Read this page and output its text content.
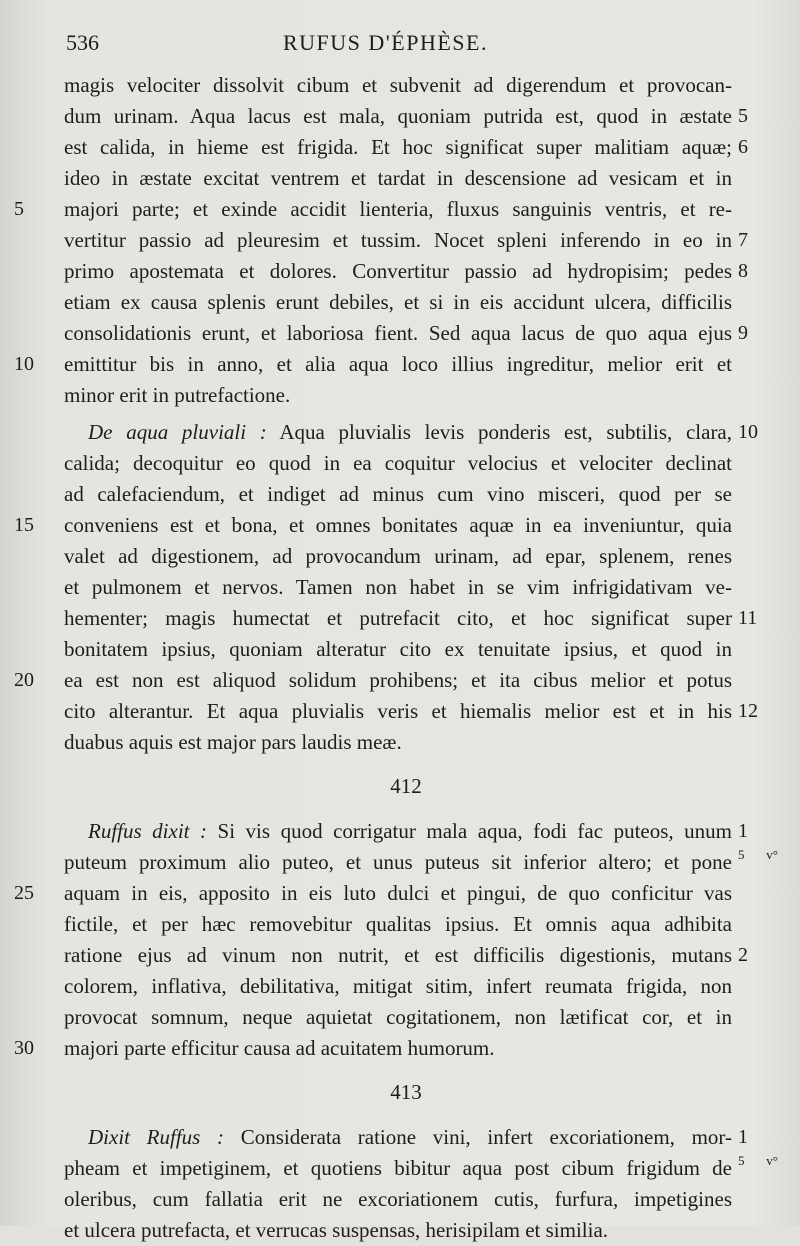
536	RUFUS D'ÉPHÈSE.
magis velociter dissolvit cibum et subvenit ad digerendum et provocan-
dum urinam. Aqua lacus est mala, quoniam putrida est, quod in æstate 5
est calida, in hieme est frigida. Et hoc significat super malitiam aquæ; 6
ideo in æstate excitat ventrem et tardat in descensione ad vesicam et in
majori parte; et exinde accidit lienteria, fluxus sanguinis ventris, et re-
5
vertitur passio ad pleuresim et tussim. Nocet spleni inferendo in eo in 7
primo apostemata et dolores. Convertitur passio ad hydropisim; pedes 8
etiam ex causa splenis erunt debiles, et si in eis accidunt ulcera, difficilis
consolidationis erunt, et laboriosa fient. Sed aqua lacus de quo aqua ejus 9
emittitur bis in anno, et alia aqua loco illius ingreditur, melior erit et
10
minor erit in putrefactione.
De aqua pluviali : Aqua pluvialis levis ponderis est, subtilis, clara, 10
calida; decoquitur eo quod in ea coquitur velocius et velociter declinat
ad calefaciendum, et indiget ad minus cum vino misceri, quod per se
conveniens est et bona, et omnes bonitates aquæ in ea inveniuntur, quia
15
valet ad digestionem, ad provocandum urinam, ad epar, splenem, renes
et pulmonem et nervos. Tamen non habet in se vim infrigidativam ve-
hementer; magis humectat et putrefacit cito, et hoc significat super 11
bonitatem ipsius, quoniam alteratur cito ex tenuitate ipsius, et quod in
ea est non est aliquod solidum prohibens; et ita cibus melior et potus
20
cito alterantur. Et aqua pluvialis veris et hiemalis melior est et in his 12
duabus aquis est major pars laudis meæ.
412
Ruffus dixit : Si vis quod corrigatur mala aqua, fodi fac puteos, unum 1
puteum proximum alio puteo, et unus puteus sit inferior altero; et pone 5 v°
aquam in eis, apposito in eis luto dulci et pingui, de quo conficitur vas
25
fictile, et per hæc removebitur qualitas ipsius. Et omnis aqua adhibita
ratione ejus ad vinum non nutrit, et est difficilis digestionis, mutans 2
colorem, inflativa, debilitativa, mitigat sitim, infert reumata frigida, non
provocat somnum, neque aquietat cogitationem, non lætificat cor, et in
majori parte efficitur causa ad acuitatem humorum.
30
413
Dixit Ruffus : Considerata ratione vini, infert excoriationem, mor- 1
pheam et impetiginem, et quotiens bibitur aqua post cibum frigidum de 5 v°
oleribus, cum fallatia erit ne excoriationem cutis, furfura, impetigines
et ulcera putrefacta, et verrucas suspensas, herisipilam et similia.
